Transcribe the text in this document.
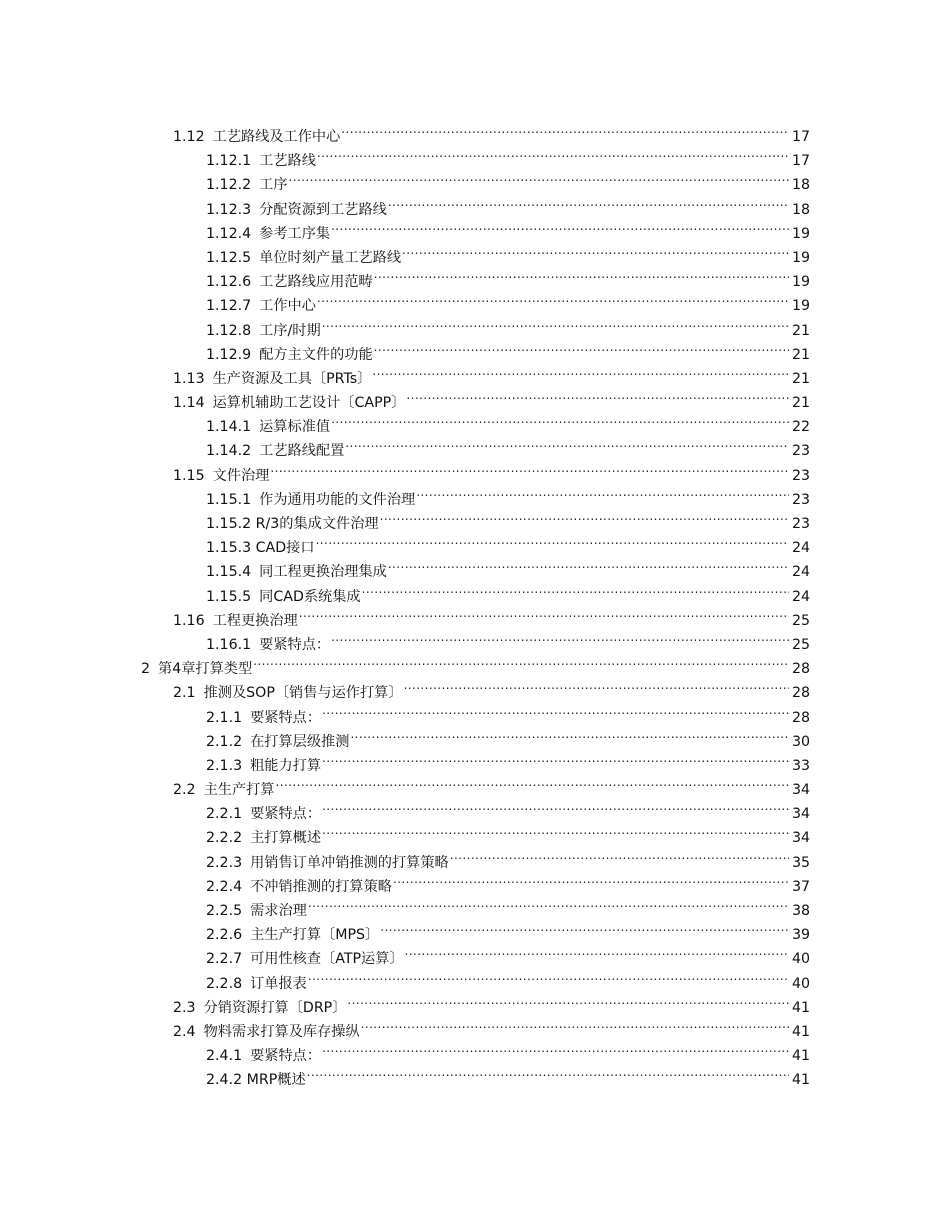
1.12 工艺路线及工作中心 .....	17
1.12.1 工艺路线 .....	17
1.12.2 工序 .....	18
1.12.3 分配资源到工艺路线 .....	18
1.12.4 参考工序集 .....	19
1.12.5 单位时刻产量工艺路线 .....	19
1.12.6 工艺路线应用范畴 .....	19
1.12.7 工作中心 .....	19
1.12.8 工序/时期 .....	21
1.12.9 配方主文件的功能 .....	21
1.13 生产资源及工具〔PRTs〕 .....	21
1.14 运算机辅助工艺设计〔CAPP〕 .....	21
1.14.1 运算标准值 .....	22
1.14.2 工艺路线配置 .....	23
1.15 文件治理 .....	23
1.15.1 作为通用功能的文件治理 .....	23
1.15.2 R/3的集成文件治理 .....	23
1.15.3 CAD接口 .....	24
1.15.4 同工程更换治理集成 .....	24
1.15.5 同CAD系统集成 .....	24
1.16 工程更换治理 .....	25
1.16.1 要紧特点： .....	25
2 第4章打算类型 .....	28
2.1 推测及SOP〔销售与运作打算〕 .....	28
2.1.1 要紧特点： .....	28
2.1.2 在打算层级推测 .....	30
2.1.3 粗能力打算 .....	33
2.2 主生产打算 .....	34
2.2.1 要紧特点： .....	34
2.2.2 主打算概述 .....	34
2.2.3 用销售订单冲销推测的打算策略 .....	35
2.2.4 不冲销推测的打算策略 .....	37
2.2.5 需求治理 .....	38
2.2.6 主生产打算〔MPS〕 .....	39
2.2.7 可用性核查〔ATP运算〕 .....	40
2.2.8 订单报表 .....	40
2.3 分销资源打算〔DRP〕 .....	41
2.4 物料需求打算及库存操纵 .....	41
2.4.1 要紧特点： .....	41
2.4.2 MRP概述 .....	41
